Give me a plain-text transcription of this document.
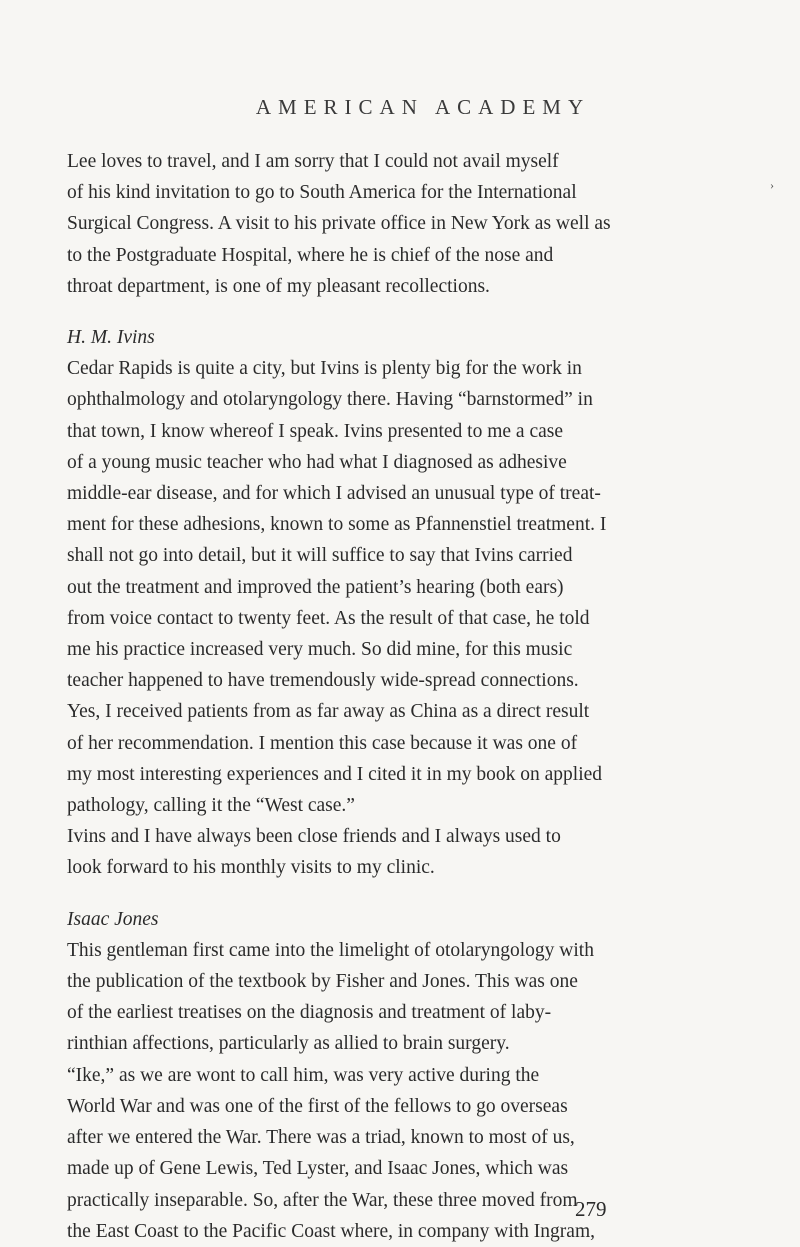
AMERICAN ACADEMY
Lee loves to travel, and I am sorry that I could not avail myself
of his kind invitation to go to South America for the International
Surgical Congress. A visit to his private office in New York as well as
to the Postgraduate Hospital, where he is chief of the nose and
throat department, is one of my pleasant recollections.
H. M. Ivins
Cedar Rapids is quite a city, but Ivins is plenty big for the work in
ophthalmology and otolaryngology there. Having “barnstormed” in
that town, I know whereof I speak. Ivins presented to me a case
of a young music teacher who had what I diagnosed as adhesive
middle-ear disease, and for which I advised an unusual type of treat-
ment for these adhesions, known to some as Pfannenstiel treatment. I
shall not go into detail, but it will suffice to say that Ivins carried
out the treatment and improved the patient’s hearing (both ears)
from voice contact to twenty feet. As the result of that case, he told
me his practice increased very much. So did mine, for this music
teacher happened to have tremendously wide-spread connections.
Yes, I received patients from as far away as China as a direct result
of her recommendation. I mention this case because it was one of
my most interesting experiences and I cited it in my book on applied
pathology, calling it the “West case.”
Ivins and I have always been close friends and I always used to
look forward to his monthly visits to my clinic.
Isaac Jones
This gentleman first came into the limelight of otolaryngology with
the publication of the textbook by Fisher and Jones. This was one
of the earliest treatises on the diagnosis and treatment of laby-
rinthian affections, particularly as allied to brain surgery.
“Ike,” as we are wont to call him, was very active during the
World War and was one of the first of the fellows to go overseas
after we entered the War. There was a triad, known to most of us,
made up of Gene Lewis, Ted Lyster, and Isaac Jones, which was
practically inseparable. So, after the War, these three moved from
the East Coast to the Pacific Coast where, in company with Ingram,
›
279
